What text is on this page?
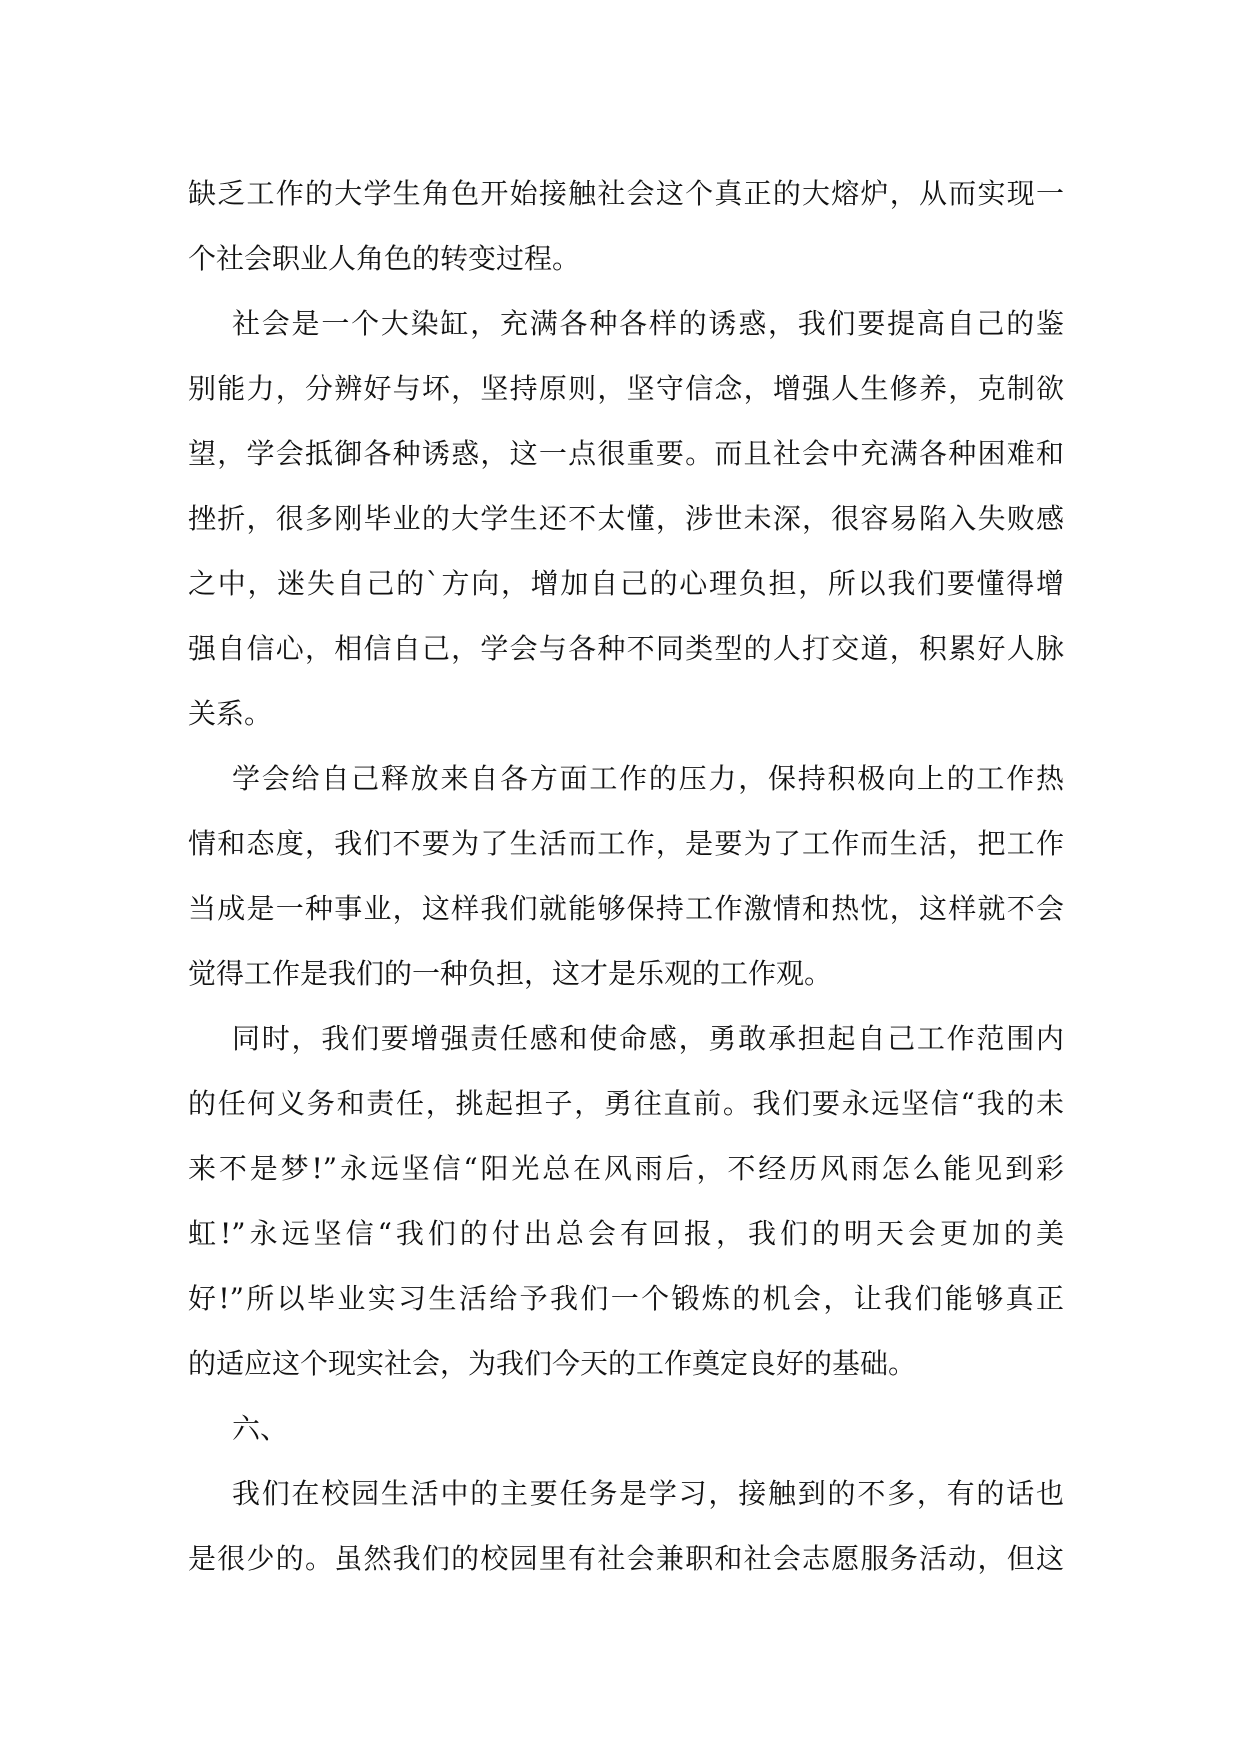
缺乏工作的大学生角色开始接触社会这个真正的大熔炉，从而实现一
个社会职业人角色的转变过程。
社会是一个大染缸，充满各种各样的诱惑，我们要提高自己的鉴
别能力，分辨好与坏，坚持原则，坚守信念，增强人生修养，克制欲
望，学会抵御各种诱惑，这一点很重要。而且社会中充满各种困难和
挫折，很多刚毕业的大学生还不太懂，涉世未深，很容易陷入失败感
之中，迷失自己的`方向，增加自己的心理负担，所以我们要懂得增
强自信心，相信自己，学会与各种不同类型的人打交道，积累好人脉
关系。
学会给自己释放来自各方面工作的压力，保持积极向上的工作热
情和态度，我们不要为了生活而工作，是要为了工作而生活，把工作
当成是一种事业，这样我们就能够保持工作激情和热忱，这样就不会
觉得工作是我们的一种负担，这才是乐观的工作观。
同时，我们要增强责任感和使命感，勇敢承担起自己工作范围内
的任何义务和责任，挑起担子，勇往直前。我们要永远坚信“我的未
来不是梦!”永远坚信“阳光总在风雨后，不经历风雨怎么能见到彩
虹!”永远坚信“我们的付出总会有回报，我们的明天会更加的美
好!”所以毕业实习生活给予我们一个锻炼的机会，让我们能够真正
的适应这个现实社会，为我们今天的工作奠定良好的基础。
六、
我们在校园生活中的主要任务是学习，接触到的不多，有的话也
是很少的。虽然我们的校园里有社会兼职和社会志愿服务活动，但这
